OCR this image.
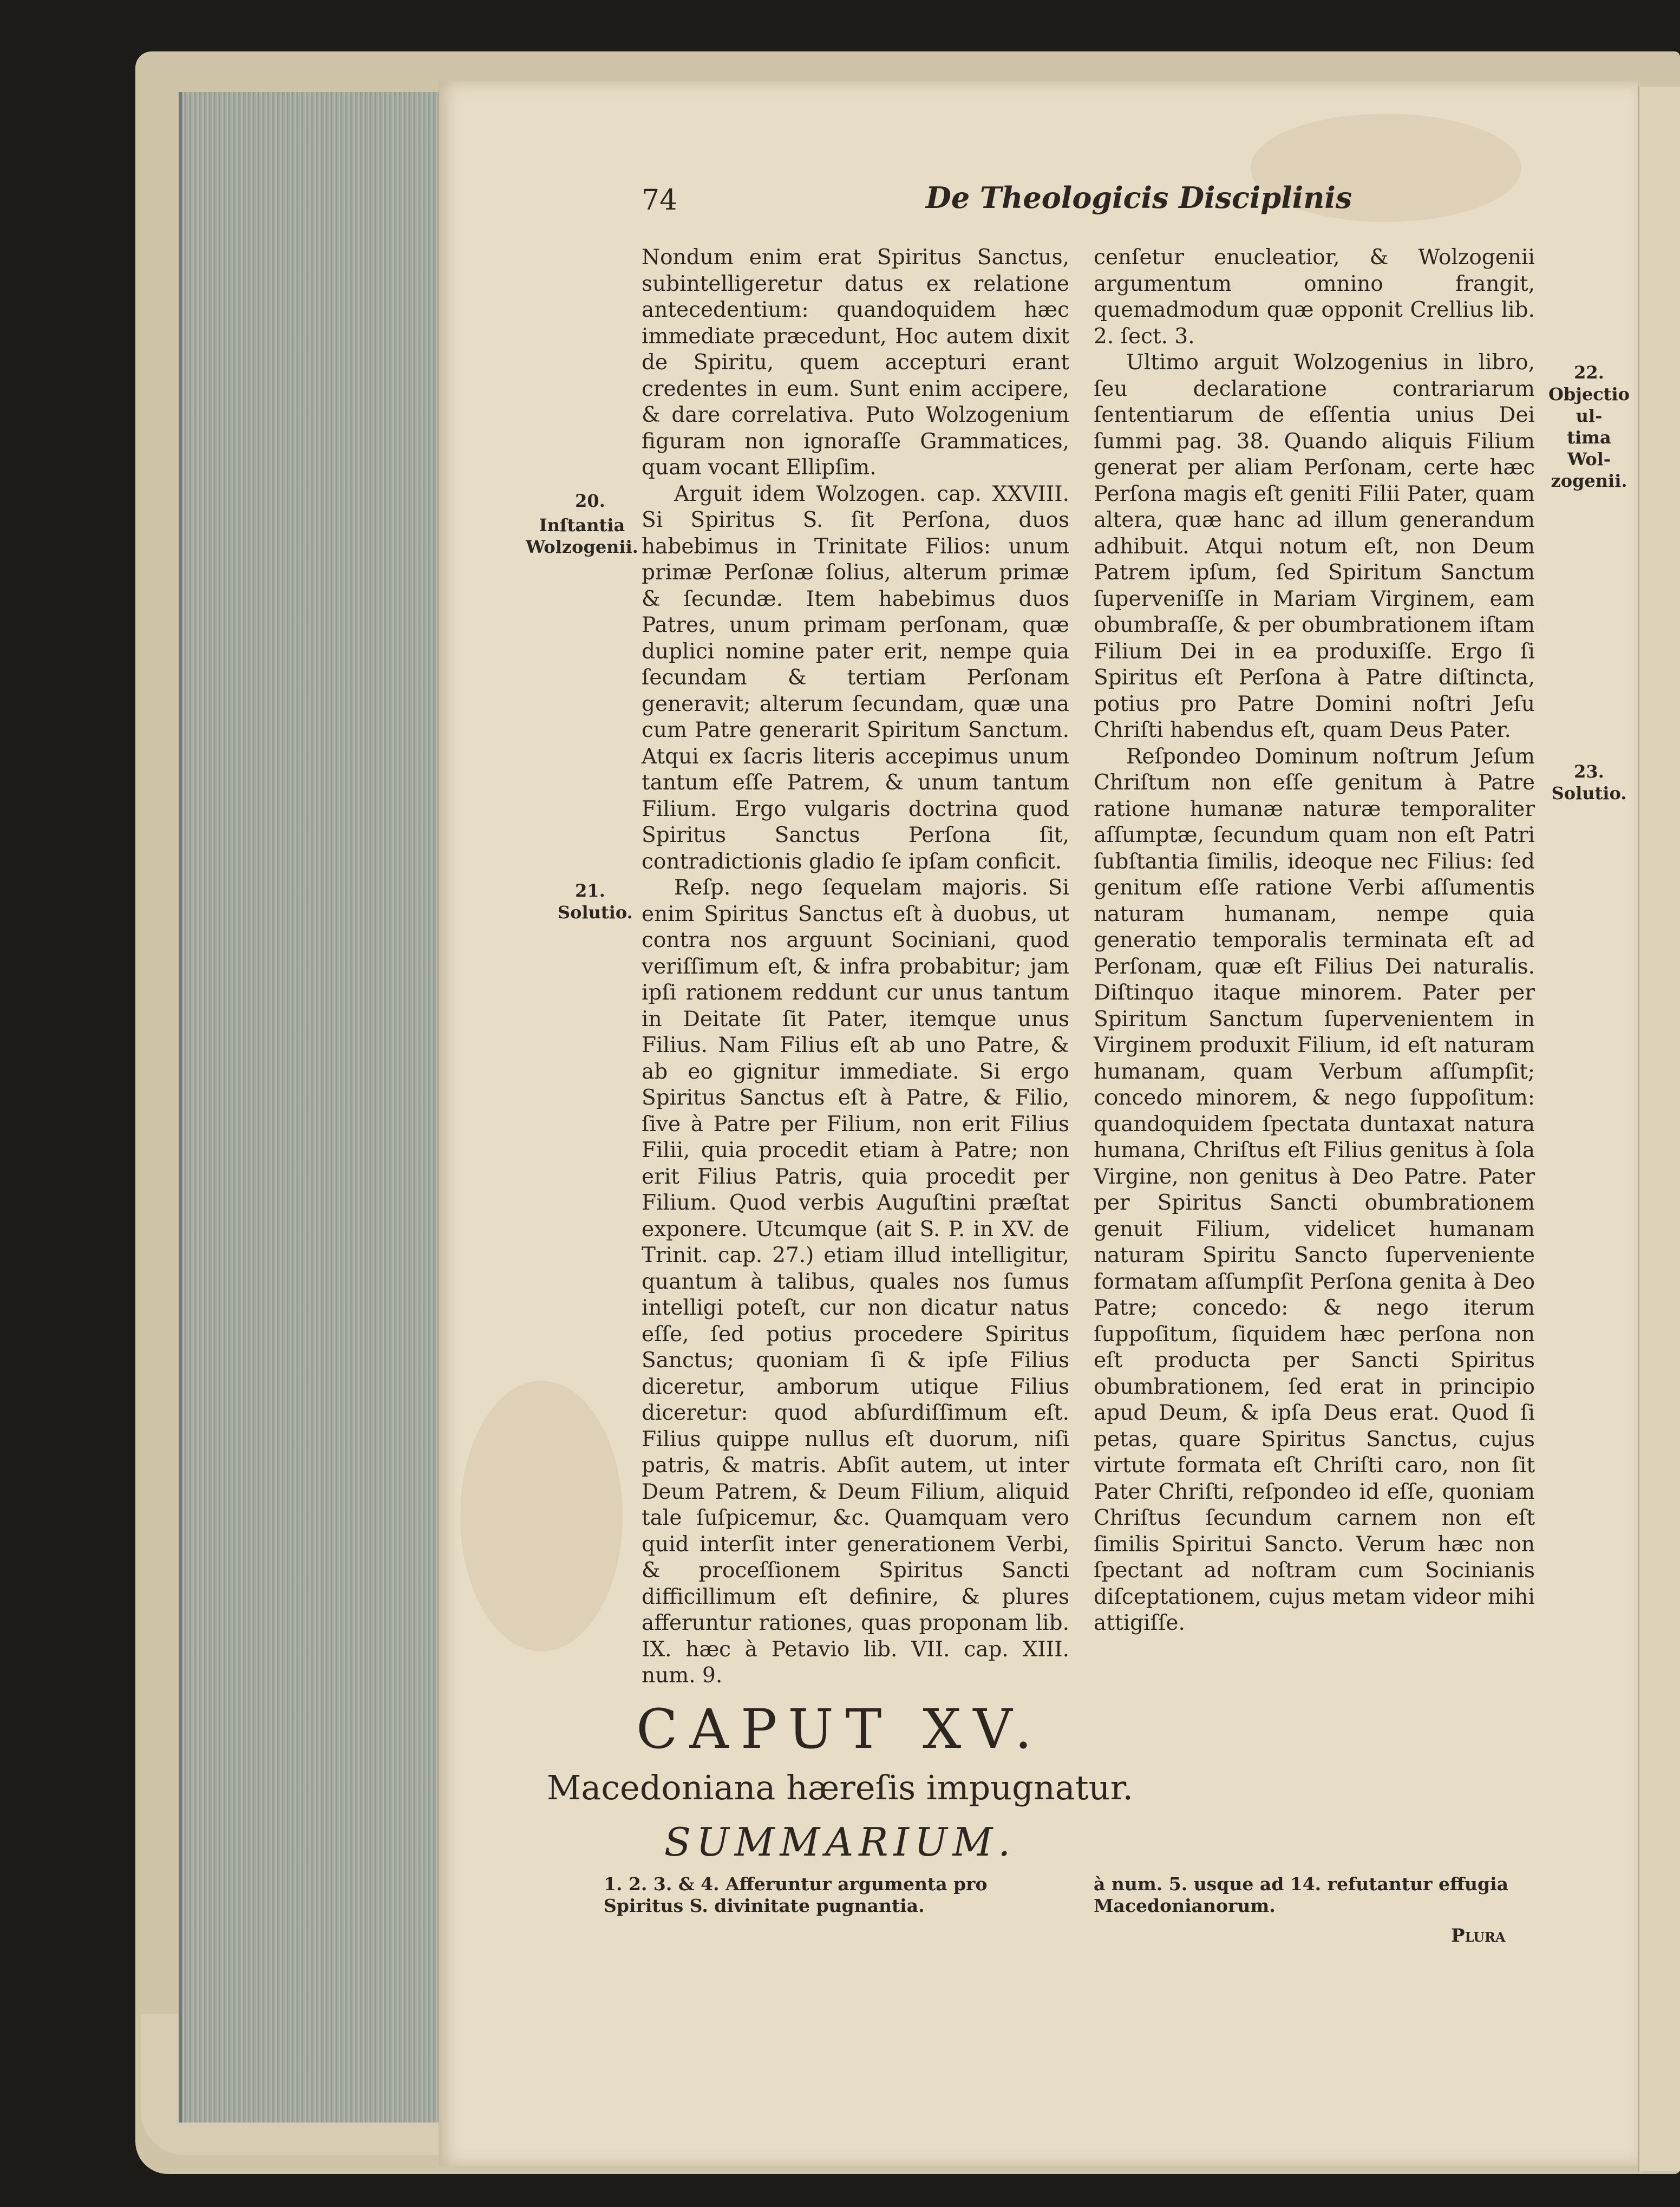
74	De Theologicis Disciplinis

Nondum enim erat Spiritus Sanctus, subintelligeretur datus ex relatione antecedentium: quandoquidem hæc immediate præcedunt, Hoc autem dixit de Spiritu, quem accepturi erant credentes in eum. Sunt enim accipere, & dare correlativa. Puto Wolzogenium figuram non ignoraſſe Grammatices, quam vocant Ellipſim.

Arguit idem Wolzogen. cap. XXVIII. Si Spiritus S. ſit Perſona, duos habebimus in Trinitate Filios: unum primæ Perſonæ ſolius, alterum primæ & ſecundæ. Item habebimus duos Patres, unum primam perſonam, quæ duplici nomine pater erit, nempe quia ſecundam & tertiam Perſonam generavit; alterum ſecundam, quæ una cum Patre generarit Spiritum Sanctum. Atqui ex ſacris literis accepimus unum tantum eſſe Patrem, & unum tantum Filium. Ergo vulgaris doctrina quod Spiritus Sanctus Perſona ſit, contradictionis gladio ſe ipſam conficit.

Reſp. nego ſequelam majoris. Si enim Spiritus Sanctus eſt à duobus, ut contra nos arguunt Sociniani, quod veriſſimum eſt, & infra probabitur; jam ipſi rationem reddunt cur unus tantum in Deitate ſit Pater, itemque unus Filius. Nam Filius eſt ab uno Patre, & ab eo gignitur immediate. Si ergo Spiritus Sanctus eſt à Patre, & Filio, ſive à Patre per Filium, non erit Filius Filii, quia procedit etiam à Patre; non erit Filius Patris, quia procedit per Filium. Quod verbis Auguſtini præſtat exponere. Utcumque (ait S. P. in XV. de Trinit. cap. 27.) etiam illud intelligitur, quantum à talibus, quales nos ſumus intelligi poteſt, cur non dicatur natus eſſe, ſed potius procedere Spiritus Sanctus; quoniam ſi & ipſe Filius diceretur, amborum utique Filius diceretur: quod abſurdiſſimum eſt. Filius quippe nullus eſt duorum, niſi patris, & matris. Abſit autem, ut inter Deum Patrem, & Deum Filium, aliquid tale ſuſpicemur, &c. Quamquam vero quid interſit inter generationem Verbi, & proceſſionem Spiritus Sancti difficillimum eſt definire, & plures afferuntur rationes, quas proponam lib. IX. hæc à Petavio lib. VII. cap. XIII. num. 9.

cenſetur enucleatior, & Wolzogenii argumentum omnino frangit, quemadmodum quæ opponit Crellius lib. 2. ſect. 3.

Ultimo arguit Wolzogenius in libro, ſeu declaratione contrariarum ſententiarum de eſſentia unius Dei ſummi pag. 38. Quando aliquis Filium generat per aliam Perſonam, certe hæc Perſona magis eſt geniti Filii Pater, quam altera, quæ hanc ad illum generandum adhibuit. Atqui notum eſt, non Deum Patrem ipſum, ſed Spiritum Sanctum ſuperveniſſe in Mariam Virginem, eam obumbraſſe, & per obumbrationem iſtam Filium Dei in ea produxiſſe. Ergo ſi Spiritus eſt Perſona à Patre diſtincta, potius pro Patre Domini noſtri Jeſu Chriſti habendus eſt, quam Deus Pater.

Reſpondeo Dominum noſtrum Jeſum Chriſtum non eſſe genitum à Patre ratione humanæ naturæ temporaliter aſſumptæ, ſecundum quam non eſt Patri ſubſtantia ſimilis, ideoque nec Filius: ſed genitum eſſe ratione Verbi aſſumentis naturam humanam, nempe quia generatio temporalis terminata eſt ad Perſonam, quæ eſt Filius Dei naturalis. Diſtinquo itaque minorem. Pater per Spiritum Sanctum ſupervenientem in Virginem produxit Filium, id eſt naturam humanam, quam Verbum aſſumpſit; concedo minorem, & nego ſuppoſitum: quandoquidem ſpectata duntaxat natura humana, Chriſtus eſt Filius genitus à ſola Virgine, non genitus à Deo Patre. Pater per Spiritus Sancti obumbrationem genuit Filium, videlicet humanam naturam Spiritu Sancto ſuperveniente formatam aſſumpſit Perſona genita à Deo Patre; concedo: & nego iterum ſuppoſitum, ſiquidem hæc perſona non eſt producta per Sancti Spiritus obumbrationem, ſed erat in principio apud Deum, & ipſa Deus erat. Quod ſi petas, quare Spiritus Sanctus, cujus virtute formata eſt Chriſti caro, non ſit Pater Chriſti, reſpondeo id eſſe, quoniam Chriſtus ſecundum carnem non eſt ſimilis Spiritui Sancto. Verum hæc non ſpectant ad noſtram cum Socinianis diſceptationem, cujus metam videor mihi attigiſſe.

20.
Inſtantia
Wolzogenii.
21.
Solutio.
22.
Objectio ul-
tima Wol-
zogenii.
23.
Solutio.
CAPUT XV.
Macedoniana hæreſis impugnatur.
SUMMARIUM.
1. 2. 3. & 4. Afferuntur argumenta pro Spiritus S. divinitate pugnantia.
à num. 5. usque ad 14. refutantur effugia Macedonianorum.
Plura
